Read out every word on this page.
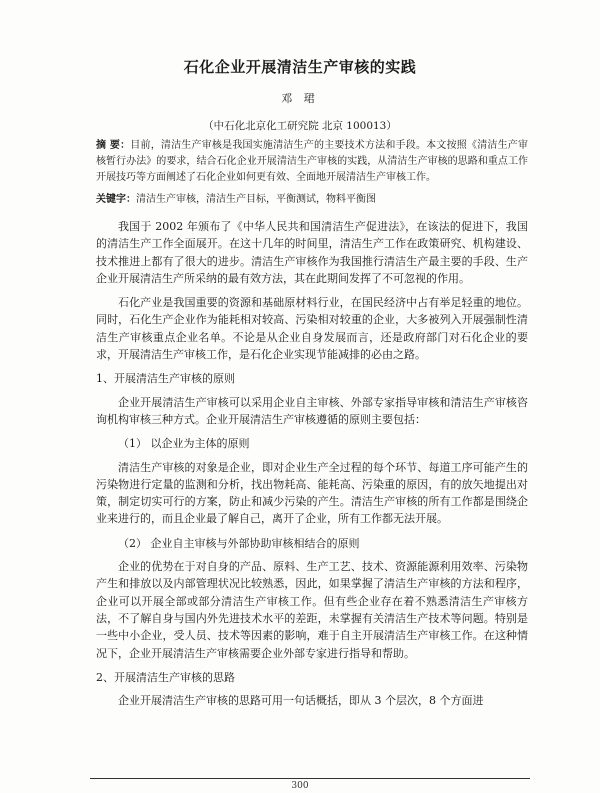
石化企业开展清洁生产审核的实践
邓 珺
（中石化北京化工研究院 北京 100013）
摘 要：目前，清洁生产审核是我国实施清洁生产的主要技术方法和手段。本文按照《清洁生产审核暂行办法》的要求，结合石化企业开展清洁生产审核的实践，从清洁生产审核的思路和重点工作开展技巧等方面阐述了石化企业如何更有效、全面地开展清洁生产审核工作。
关键字：清洁生产审核，清洁生产目标，平衡测试，物料平衡图

我国于 2002 年颁布了《中华人民共和国清洁生产促进法》，在该法的促进下，我国的清洁生产工作全面展开。在这十几年的时间里，清洁生产工作在政策研究、机构建设、技术推进上都有了很大的进步。清洁生产审核作为我国推行清洁生产最主要的手段、生产企业开展清洁生产所采纳的最有效方法，其在此期间发挥了不可忽视的作用。

石化产业是我国重要的资源和基础原材料行业，在国民经济中占有举足轻重的地位。同时，石化生产企业作为能耗相对较高、污染相对较重的企业，大多被列入开展强制性清洁生产审核重点企业名单。不论是从企业自身发展而言，还是政府部门对石化企业的要求，开展清洁生产审核工作，是石化企业实现节能减排的必由之路。

1、开展清洁生产审核的原则

企业开展清洁生产审核可以采用企业自主审核、外部专家指导审核和清洁生产审核咨询机构审核三种方式。企业开展清洁生产审核遵循的原则主要包括：

（1） 以企业为主体的原则

清洁生产审核的对象是企业，即对企业生产全过程的每个环节、每道工序可能产生的污染物进行定量的监测和分析，找出物耗高、能耗高、污染重的原因，有的放矢地提出对策，制定切实可行的方案，防止和减少污染的产生。清洁生产审核的所有工作都是围绕企业来进行的，而且企业最了解自己，离开了企业，所有工作都无法开展。

（2） 企业自主审核与外部协助审核相结合的原则

企业的优势在于对自身的产品、原料、生产工艺、技术、资源能源利用效率、污染物产生和排放以及内部管理状况比较熟悉，因此，如果掌握了清洁生产审核的方法和程序，企业可以开展全部或部分清洁生产审核工作。但有些企业存在着不熟悉清洁生产审核方法，不了解自身与国内外先进技术水平的差距，未掌握有关清洁生产技术等问题。特别是一些中小企业，受人员、技术等因素的影响，难于自主开展清洁生产审核工作。在这种情况下，企业开展清洁生产审核需要企业外部专家进行指导和帮助。

2、开展清洁生产审核的思路

企业开展清洁生产审核的思路可用一句话概括，即从 3 个层次，8 个方面进

300
